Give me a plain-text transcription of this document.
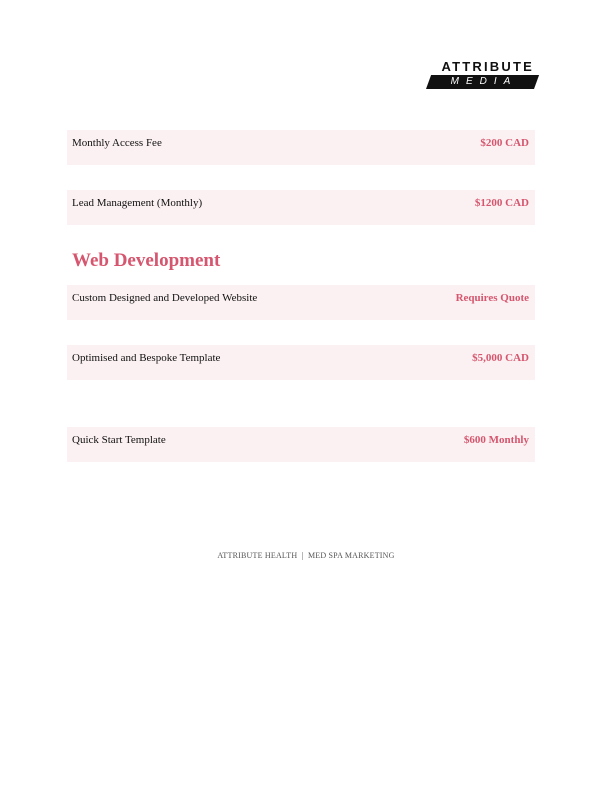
ATTRIBUTE
MEDIA
Monthly Access Fee	$200 CAD
Lead Management (Monthly)	$1200 CAD
Web Development
Custom Designed and Developed Website	Requires Quote
Optimised and Bespoke Template	$5,000 CAD
Quick Start Template	$600 Monthly
ATTRIBUTE HEALTH  |  MED SPA MARKETING
